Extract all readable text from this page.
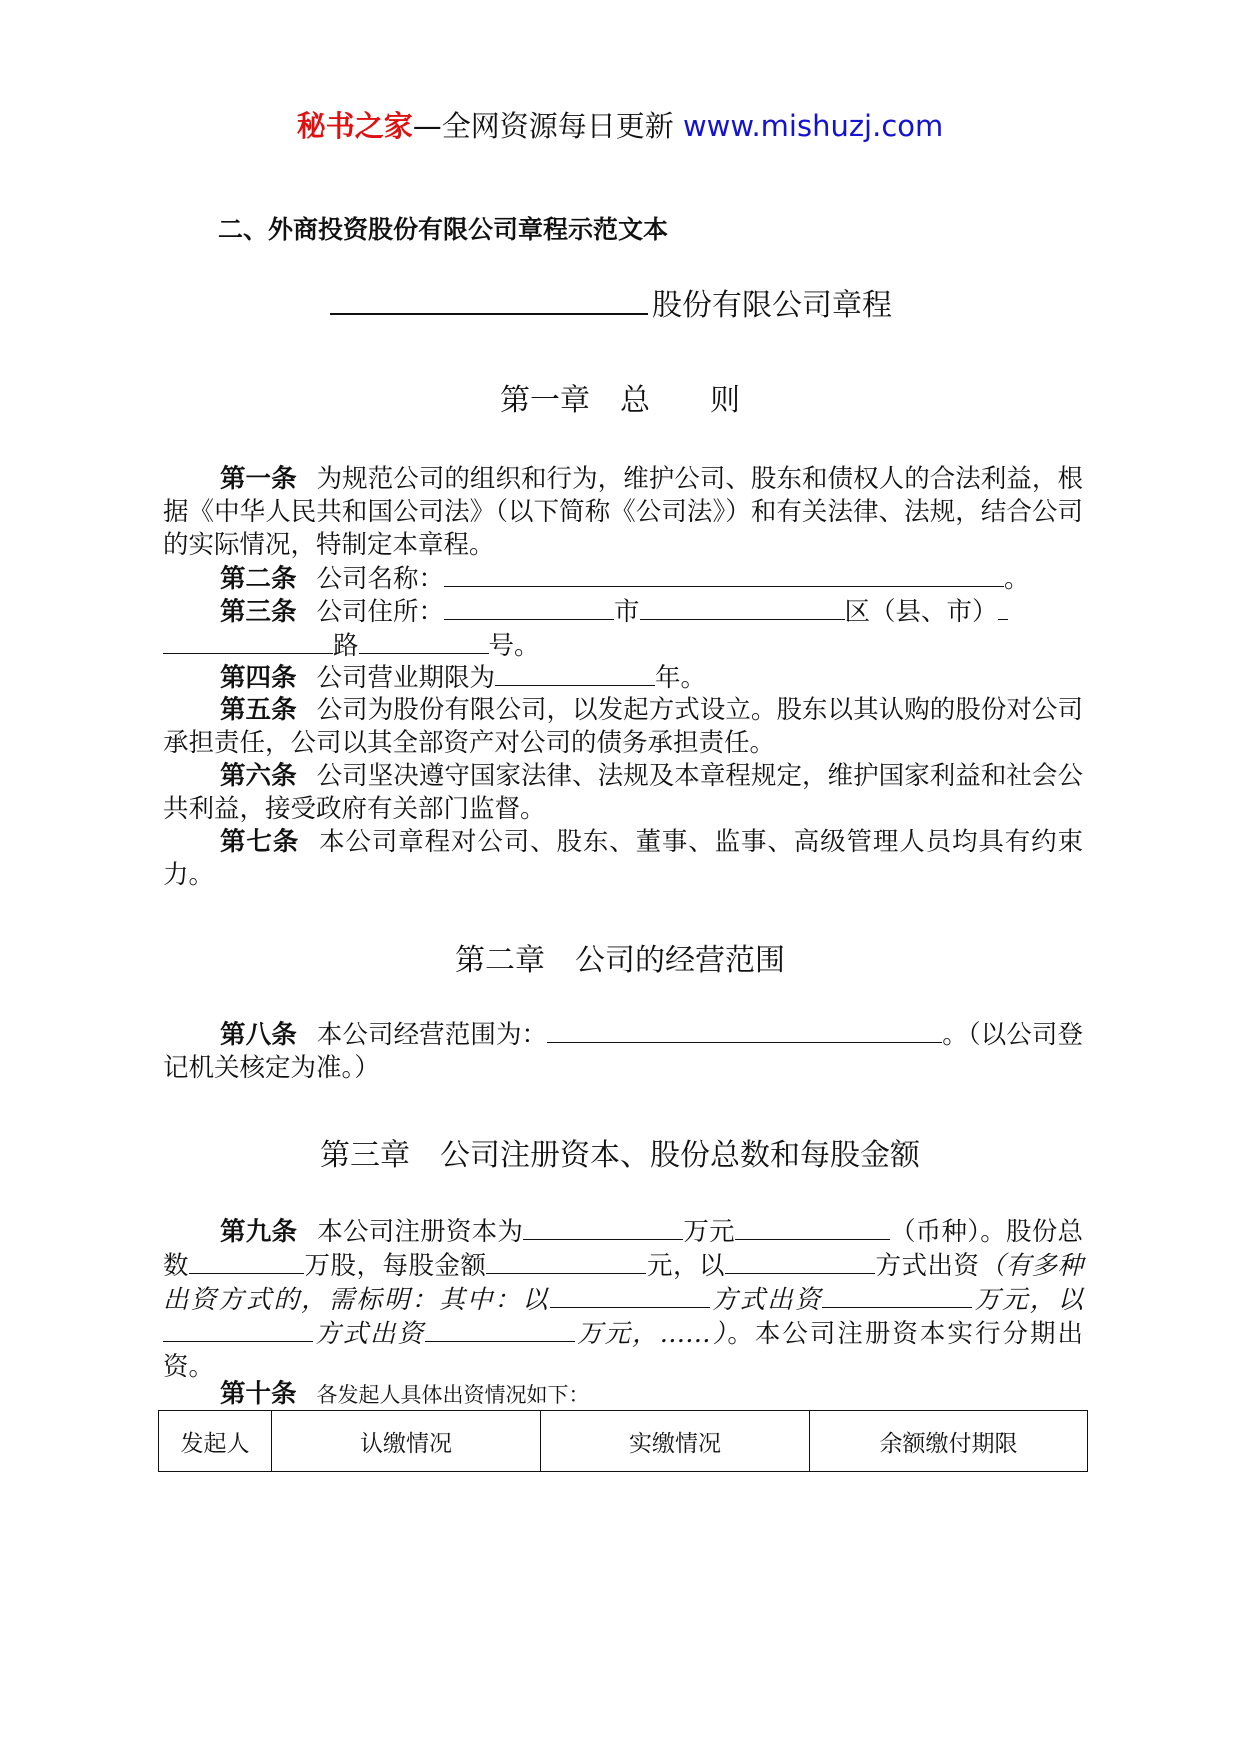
秘书之家—全网资源每日更新 www.mishuzj.com
二、外商投资股份有限公司章程示范文本
股份有限公司章程
第一章　总　　则
第一条 为规范公司的组织和行为，维护公司、股东和债权人的合法利益，根据《中华人民共和国公司法》（以下简称《公司法》）和有关法律、法规，结合公司的实际情况，特制定本章程。
第二条 公司名称：	。
第三条 公司住所：	市	区（县、市）
路	号。
第四条 公司营业期限为	年。
第五条 公司为股份有限公司，以发起方式设立。股东以其认购的股份对公司承担责任，公司以其全部资产对公司的债务承担责任。
第六条 公司坚决遵守国家法律、法规及本章程规定，维护国家利益和社会公共利益，接受政府有关部门监督。
第七条 本公司章程对公司、股东、董事、监事、高级管理人员均具有约束力。
第二章　公司的经营范围
第八条 本公司经营范围为：	。（以公司登记机关核定为准。）
第三章　公司注册资本、股份总数和每股金额
第九条 本公司注册资本为	万元	（币种）。股份总数	万股，每股金额	元，以	方式出资（有多种出资方式的，需标明：其中：以	方式出资	万元，以方式出资	万元，……）。本公司注册资本实行分期出资。
第十条 各发起人具体出资情况如下：
发起人	认缴情况	实缴情况	余额缴付期限
